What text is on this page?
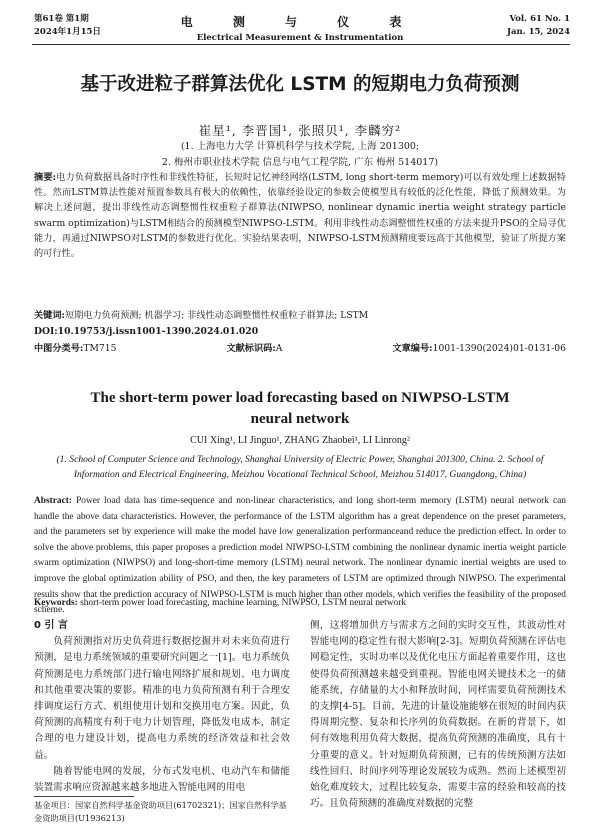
第61卷 第1期
2024年1月15日
电 测 与 仪 表
Electrical Measurement & Instrumentation
Vol. 61 No. 1
Jan. 15, 2024
基于改进粒子群算法优化 LSTM 的短期电力负荷预测
崔星¹, 李晋国¹, 张照贝¹, 李麟穷²
(1. 上海电力大学 计算机科学与技术学院, 上海 201300;
2. 梅州市职业技术学院 信息与电气工程学院, 广东 梅州 514017)
摘要:电力负荷数据具备时序性和非线性特征，长短时记忆神经网络(LSTM, long short-term memory)可以有效处理上述数据特性。然而LSTM算法性能对预置参数具有极大的依赖性，依靠经验设定的参数会使模型具有较低的泛化性能，降低了预测效果。为解决上述问题，提出非线性动态调整惯性权重粒子群算法(NIWPSO, nonlinear dynamic inertia weight strategy particle swarm optimization)与LSTM相结合的预测模型NIWPSO-LSTM。利用非线性动态调整惯性权重的方法来提升PSO的全局寻优能力，再通过NIWPSO对LSTM的参数进行优化。实验结果表明，NIWPSO-LSTM预测精度要远高于其他模型，验证了所提方案的可行性。
关键词:短期电力负荷预测; 机器学习; 非线性动态调整惯性权重粒子群算法; LSTM
DOI:10.19753/j.issn1001-1390.2024.01.020
中图分类号:TM715	文献标识码:A	文章编号:1001-1390(2024)01-0131-06
The short-term power load forecasting based on NIWPSO-LSTM neural network
CUI Xing¹, LI Jinguo¹, ZHANG Zhaobei¹, LI Linrong²
(1. School of Computer Science and Technology, Shanghai University of Electric Power, Shanghai 201300, China. 2. School of Information and Electrical Engineering, Meizhou Vocational Technical School, Meizhou 514017, Guangdong, China)
Abstract: Power load data has time-sequence and non-linear characteristics, and long short-term memory (LSTM) neural network can handle the above data characteristics. However, the performance of the LSTM algorithm has a great dependence on the preset parameters, and the parameters set by experience will make the model have low generalization performanceand reduce the prediction effect. In order to solve the above problems, this paper proposes a prediction model NIWPSO-LSTM combining the nonlinear dynamic inertia weight particle swarm optimization (NIWPSO) and long-short-time memory (LSTM) neural network. The nonlinear dynamic inertial weights are used to improve the global optimization ability of PSO, and then, the key parameters of LSTM are optimized through NIWPSO. The experimental results show that the prediction accuracy of NIWPSO-LSTM is much higher than other models, which verifies the feasibility of the proposed scheme.
Keywords: short-term power load forecasting, machine learning, NIWPSO, LSTM neural network
0 引 言

负荷预测指对历史负荷进行数据挖掘并对未来负荷进行预测，是电力系统领域的重要研究问题之一[1]。电力系统负荷预测是电力系统部门进行输电网络扩展和规划、电力调度和其他重要决策的要影。精准的电力负荷预测有利于合理安排调度运行方式、机组使用计划和交换用电方案。因此，负荷预测的高精度有利于电力计划管理，降低发电成本，制定合理的电力建设计划，提高电力系统的经济效益和社会效益。

随着智能电网的发展，分布式发电机、电动汽车和储能装置需求响应资源越来越多地进入智能电网的用电

侧，这将增加供方与需求方之间的实时交互性，其波动性对智能电网的稳定性有很大影响[2-3]。短期负荷预测在评估电网稳定性，实时功率以及优化电压方面起着重要作用，这也使得负荷预测越来越受到重视。智能电网关键技术之一的储能系统，存储量的大小和释放时间，同样需要负荷预测技术的支撑[4-5]。目前，先进的计量设施能够在很短的时间内获得周期完整、复杂和长序列的负荷数据。在新的背景下，如何有效地利用负荷大数据，提高负荷预测的准确度，具有十分重要的意义。针对短期负荷预测，已有的传统预测方法如线性回归、时间序列等理论发展较为成熟。然而上述模型初始化难度较大，过程比较复杂，需要丰富的经验和较高的技巧。且负荷预测的准确度对数据的完整

基金项目：国家自然科学基金资助项目(61702321)；国家自然科学基金资助项目(U1936213)
